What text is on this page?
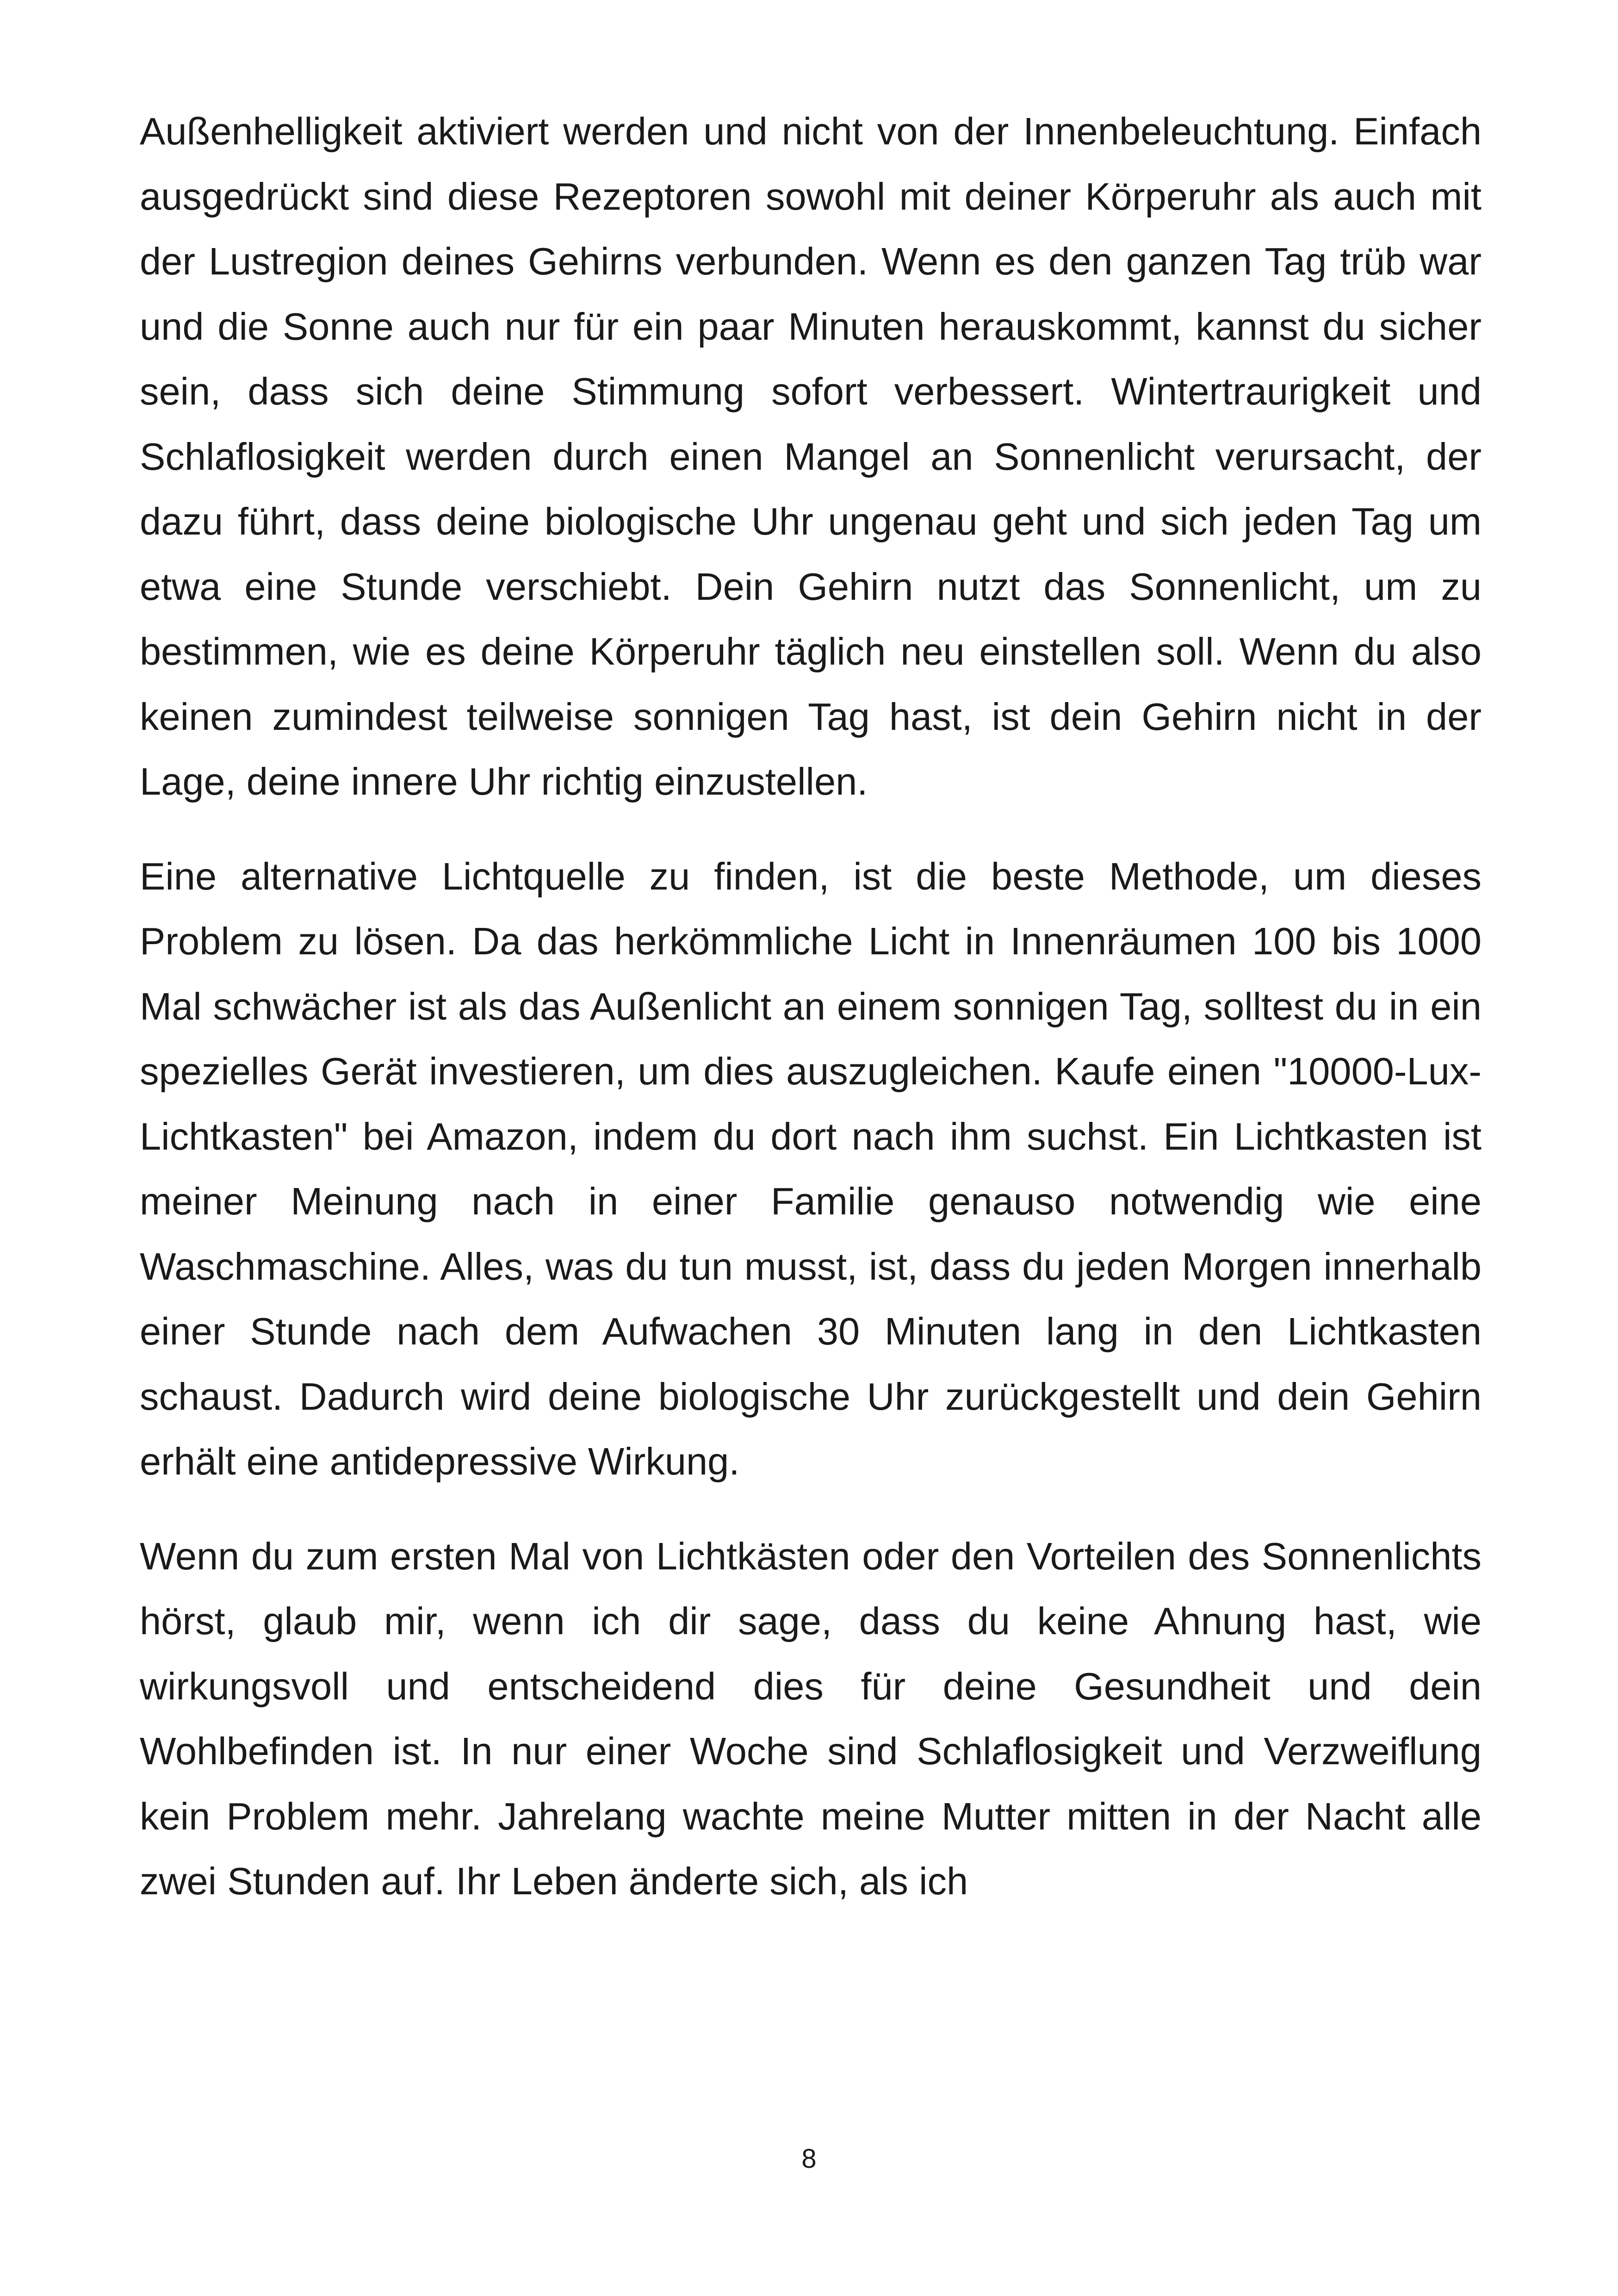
Außenhelligkeit aktiviert werden und nicht von der Innenbeleuchtung. Einfach ausgedrückt sind diese Rezeptoren sowohl mit deiner Körperuhr als auch mit der Lustregion deines Gehirns verbunden. Wenn es den ganzen Tag trüb war und die Sonne auch nur für ein paar Minuten herauskommt, kannst du sicher sein, dass sich deine Stimmung sofort verbessert. Wintertraurigkeit und Schlaflosigkeit werden durch einen Mangel an Sonnenlicht verursacht, der dazu führt, dass deine biologische Uhr ungenau geht und sich jeden Tag um etwa eine Stunde verschiebt. Dein Gehirn nutzt das Sonnenlicht, um zu bestimmen, wie es deine Körperuhr täglich neu einstellen soll. Wenn du also keinen zumindest teilweise sonnigen Tag hast, ist dein Gehirn nicht in der Lage, deine innere Uhr richtig einzustellen.

Eine alternative Lichtquelle zu finden, ist die beste Methode, um dieses Problem zu lösen. Da das herkömmliche Licht in Innenräumen 100 bis 1000 Mal schwächer ist als das Außenlicht an einem sonnigen Tag, solltest du in ein spezielles Gerät investieren, um dies auszugleichen. Kaufe einen "10000-Lux-Lichtkasten" bei Amazon, indem du dort nach ihm suchst. Ein Lichtkasten ist meiner Meinung nach in einer Familie genauso notwendig wie eine Waschmaschine. Alles, was du tun musst, ist, dass du jeden Morgen innerhalb einer Stunde nach dem Aufwachen 30 Minuten lang in den Lichtkasten schaust. Dadurch wird deine biologische Uhr zurückgestellt und dein Gehirn erhält eine antidepressive Wirkung.

Wenn du zum ersten Mal von Lichtkästen oder den Vorteilen des Sonnenlichts hörst, glaub mir, wenn ich dir sage, dass du keine Ahnung hast, wie wirkungsvoll und entscheidend dies für deine Gesundheit und dein Wohlbefinden ist. In nur einer Woche sind Schlaflosigkeit und Verzweiflung kein Problem mehr. Jahrelang wachte meine Mutter mitten in der Nacht alle zwei Stunden auf. Ihr Leben änderte sich, als ich

8
